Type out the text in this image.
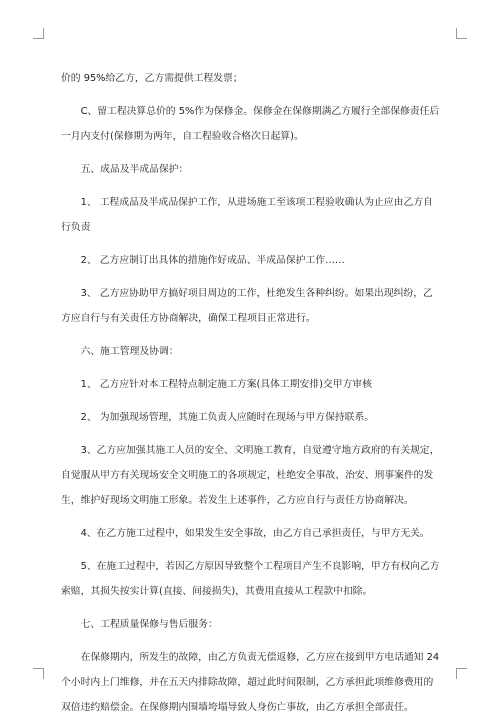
价的 95%给乙方，乙方需提供工程发票；

C、留工程决算总价的 5%作为保修金。保修金在保修期满乙方履行全部保修责任后一月内支付(保修期为两年，自工程验收合格次日起算)。

五、成品及半成品保护：

1、 工程成品及半成品保护工作，从进场施工至该项工程验收确认为止应由乙方自行负责

2、 乙方应制订出具体的措施作好成品、半成品保护工作……

3、 乙方应协助甲方搞好项目周边的工作，杜绝发生各种纠纷。如果出现纠纷，乙方应自行与有关责任方协商解决，确保工程项目正常进行。

六、施工管理及协调：

1、 乙方应针对本工程特点制定施工方案(具体工期安排)交甲方审核

2、 为加强现场管理，其施工负责人应随时在现场与甲方保持联系。

3、乙方应加强其施工人员的安全、文明施工教育，自觉遵守地方政府的有关规定，自觉服从甲方有关现场安全文明施工的各项规定，杜绝安全事故、治安、刑事案件的发生，维护好现场文明施工形象。若发生上述事件，乙方应自行与责任方协商解决。

4、在乙方施工过程中，如果发生安全事故，由乙方自己承担责任，与甲方无关。

5、在施工过程中，若因乙方原因导致整个工程项目产生不良影响，甲方有权向乙方索赔，其损失按实计算(直接、间接损失)，其费用直接从工程款中扣除。

七、工程质量保修与售后服务：

在保修期内，所发生的故障，由乙方负责无偿返修，乙方应在接到甲方电话通知 24 个小时内上门维修，并在五天内排除故障，超过此时间限制，乙方承担此项维修费用的双倍违约赔偿金。在保修期内围墙垮塌导致人身伤亡事故，由乙方承担全部责任。
